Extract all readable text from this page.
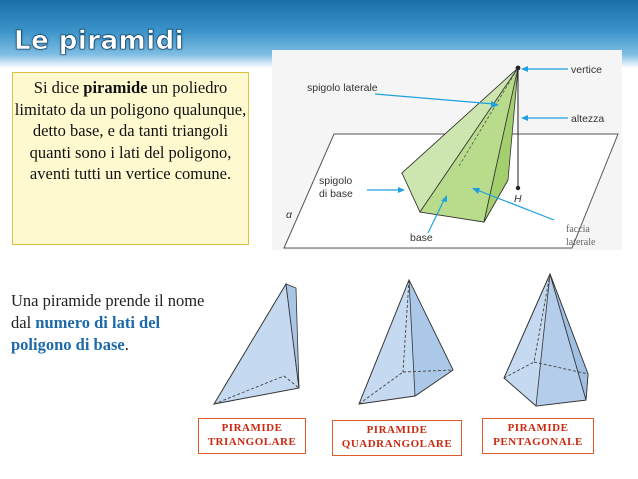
Le piramidi
Si dice piramide un poliedro limitato da un poligono qualunque, detto base, e da tanti triangoli quanti sono i lati del poligono, aventi tutti un vertice comune.
vertice
spigolo laterale
altezza
spigolo
di base
base
α
H
faccia
laterale
Una piramide prende il nome dal numero di lati del poligono di base.
PIRAMIDE
TRIANGOLARE
PIRAMIDE
QUADRANGOLARE
PIRAMIDE
PENTAGONALE
